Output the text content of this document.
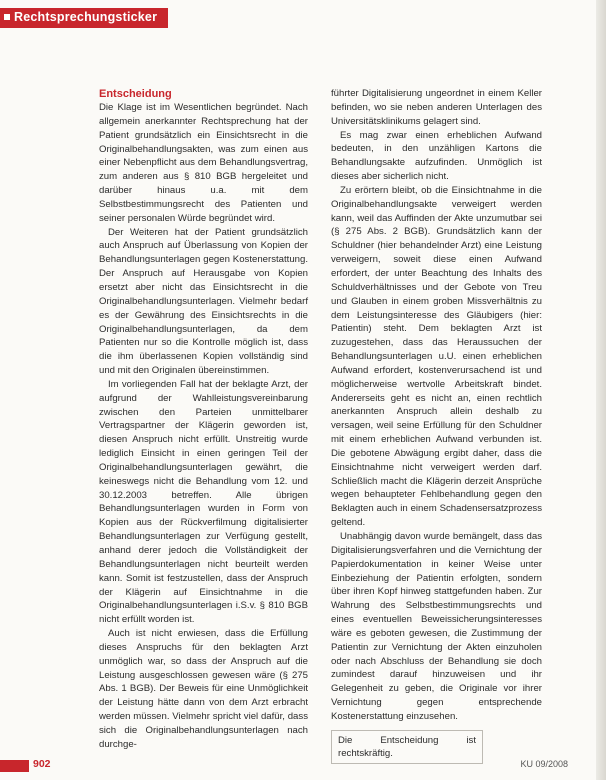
Rechtsprechungsticker
Entscheidung

Die Klage ist im Wesentlichen begründet. Nach allgemein anerkannter Rechtsprechung hat der Patient grundsätzlich ein Einsichtsrecht in die Originalbehandlungsakten, was zum einen aus einer Nebenpflicht aus dem Behandlungsvertrag, zum anderen aus § 810 BGB hergeleitet und darüber hinaus u.a. mit dem Selbstbestimmungsrecht des Patienten und seiner personalen Würde begründet wird.

Der Weiteren hat der Patient grundsätzlich auch Anspruch auf Überlassung von Kopien der Behandlungsunterlagen gegen Kostenerstattung. Der Anspruch auf Herausgabe von Kopien ersetzt aber nicht das Einsichtsrecht in die Originalbehandlungsunterlagen. Vielmehr bedarf es der Gewährung des Einsichtsrechts in die Originalbehandlungsunterlagen, da dem Patienten nur so die Kontrolle möglich ist, dass die ihm überlassenen Kopien vollständig sind und mit den Originalen übereinstimmen.

Im vorliegenden Fall hat der beklagte Arzt, der aufgrund der Wahlleistungsvereinbarung zwischen den Parteien unmittelbarer Vertragspartner der Klägerin geworden ist, diesen Anspruch nicht erfüllt. Unstreitig wurde lediglich Einsicht in einen geringen Teil der Originalbehandlungsunterlagen gewährt, die keineswegs nicht die Behandlung vom 12. und 30.12.2003 betreffen. Alle übrigen Behandlungsunterlagen wurden in Form von Kopien aus der Rückverfilmung digitalisierter Behandlungsunterlagen zur Verfügung gestellt, anhand derer jedoch die Vollständigkeit der Behandlungsunterlagen nicht beurteilt werden kann. Somit ist festzustellen, dass der Anspruch der Klägerin auf Einsichtnahme in die Originalbehandlungsunterlagen i.S.v. § 810 BGB nicht erfüllt worden ist.

Auch ist nicht erwiesen, dass die Erfüllung dieses Anspruchs für den beklagten Arzt unmöglich war, so dass der Anspruch auf die Leistung ausgeschlossen gewesen wäre (§ 275 Abs. 1 BGB). Der Beweis für eine Unmöglichkeit der Leistung hätte dann von dem Arzt erbracht werden müssen. Vielmehr spricht viel dafür, dass sich die Originalbehandlungsunterlagen nach durchge-

führter Digitalisierung ungeordnet in einem Keller befinden, wo sie neben anderen Unterlagen des Universitätsklinikums gelagert sind.

Es mag zwar einen erheblichen Aufwand bedeuten, in den unzähligen Kartons die Behandlungsakte aufzufinden. Unmöglich ist dieses aber sicherlich nicht.

Zu erörtern bleibt, ob die Einsichtnahme in die Originalbehandlungsakte verweigert werden kann, weil das Auffinden der Akte unzumutbar sei (§ 275 Abs. 2 BGB). Grundsätzlich kann der Schuldner (hier behandelnder Arzt) eine Leistung verweigern, soweit diese einen Aufwand erfordert, der unter Beachtung des Inhalts des Schuldverhältnisses und der Gebote von Treu und Glauben in einem groben Missverhältnis zu dem Leistungsinteresse des Gläubigers (hier: Patientin) steht. Dem beklagten Arzt ist zuzugestehen, dass das Heraussuchen der Behandlungsunterlagen u.U. einen erheblichen Aufwand erfordert, kostenverursachend ist und möglicherweise wertvolle Arbeitskraft bindet. Andererseits geht es nicht an, einen rechtlich anerkannten Anspruch allein deshalb zu versagen, weil seine Erfüllung für den Schuldner mit einem erheblichen Aufwand verbunden ist. Die gebotene Abwägung ergibt daher, dass die Einsichtnahme nicht verweigert werden darf. Schließlich macht die Klägerin derzeit Ansprüche wegen behaupteter Fehlbehandlung gegen den Beklagten auch in einem Schadensersatzprozess geltend.

Unabhängig davon wurde bemängelt, dass das Digitalisierungsverfahren und die Vernichtung der Papierdokumentation in keiner Weise unter Einbeziehung der Patientin erfolgten, sondern über ihren Kopf hinweg stattgefunden haben. Zur Wahrung des Selbstbestimmungsrechts und eines eventuellen Beweissicherungsinteresses wäre es geboten gewesen, die Zustimmung der Patientin zur Vernichtung der Akten einzuholen oder nach Abschluss der Behandlung sie doch zumindest darauf hinzuweisen und ihr Gelegenheit zu geben, die Originale vor ihrer Vernichtung gegen entsprechende Kostenerstattung einzusehen.

Die Entscheidung ist rechtskräftig.
902	KU 09/2008
